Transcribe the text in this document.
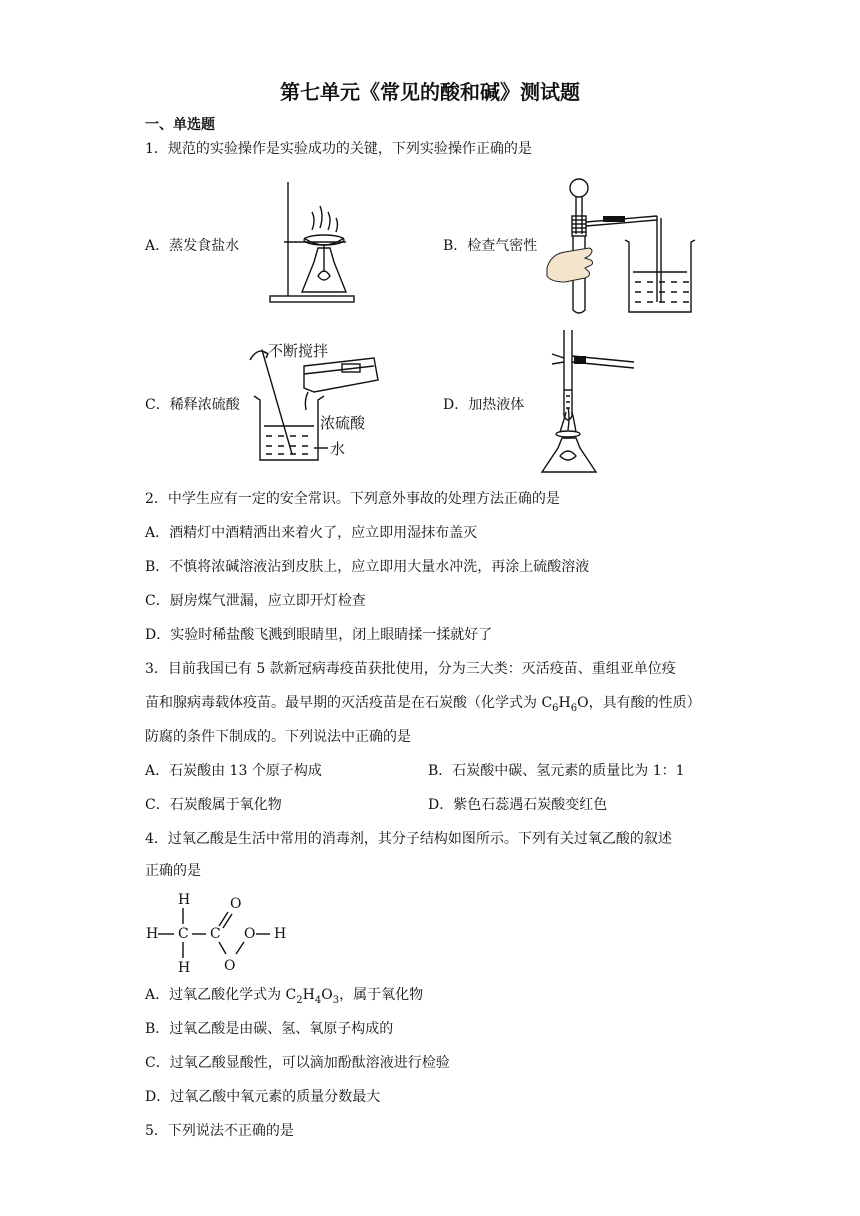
第七单元《常见的酸和碱》测试题
一、单选题
1．规范的实验操作是实验成功的关键，下列实验操作正确的是
A．蒸发食盐水	B．检查气密性
C．稀释浓硫酸	D．加热液体
不断搅拌
浓硫酸
水
2．中学生应有一定的安全常识。下列意外事故的处理方法正确的是
A．酒精灯中酒精洒出来着火了，应立即用湿抹布盖灭
B．不慎将浓碱溶液沾到皮肤上，应立即用大量水冲洗，再涂上硫酸溶液
C．厨房煤气泄漏，应立即开灯检查
D．实验时稀盐酸飞溅到眼睛里，闭上眼睛揉一揉就好了
3．目前我国已有 5 款新冠病毒疫苗获批使用，分为三大类：灭活疫苗、重组亚单位疫
苗和腺病毒载体疫苗。最早期的灭活疫苗是在石炭酸（化学式为 $C_6H_6O$，具有酸的性质）
防腐的条件下制成的。下列说法中正确的是
A．石炭酸由 13 个原子构成	B．石炭酸中碳、氢元素的质量比为 1：1
C．石炭酸属于氧化物	D．紫色石蕊遇石炭酸变红色
4．过氧乙酸是生活中常用的消毒剂，其分子结构如图所示。下列有关过氧乙酸的叙述
正确的是
H
H C
H
C
O
O
O H
A．过氧乙酸化学式为 $C_2H_4O_3$，属于氧化物
B．过氧乙酸是由碳、氢、氧原子构成的
C．过氧乙酸显酸性，可以滴加酚酞溶液进行检验
D．过氧乙酸中氧元素的质量分数最大
5．下列说法不正确的是
